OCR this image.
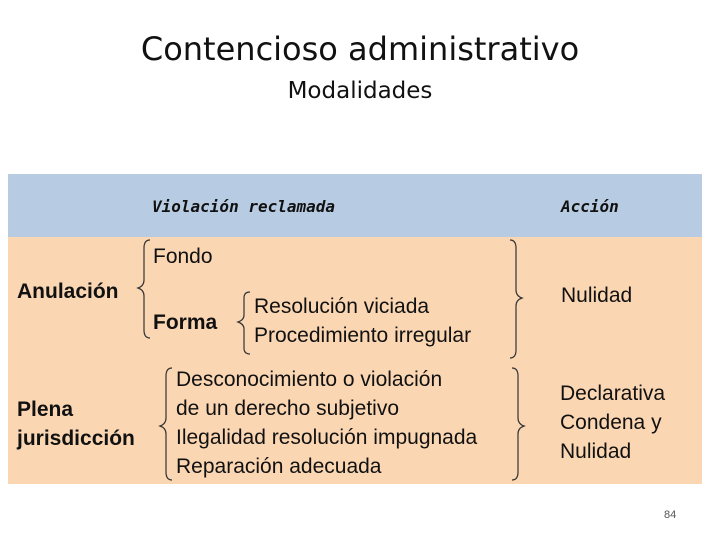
Contencioso administrativo
Modalidades
Violación reclamada	Acción
Anulación
Fondo
Forma
Resolución viciada
Procedimiento irregular
Nulidad
Plena
jurisdicción
Desconocimiento o violación
de un derecho subjetivo
Ilegalidad resolución impugnada
Reparación adecuada
Declarativa
Condena y
Nulidad
84
